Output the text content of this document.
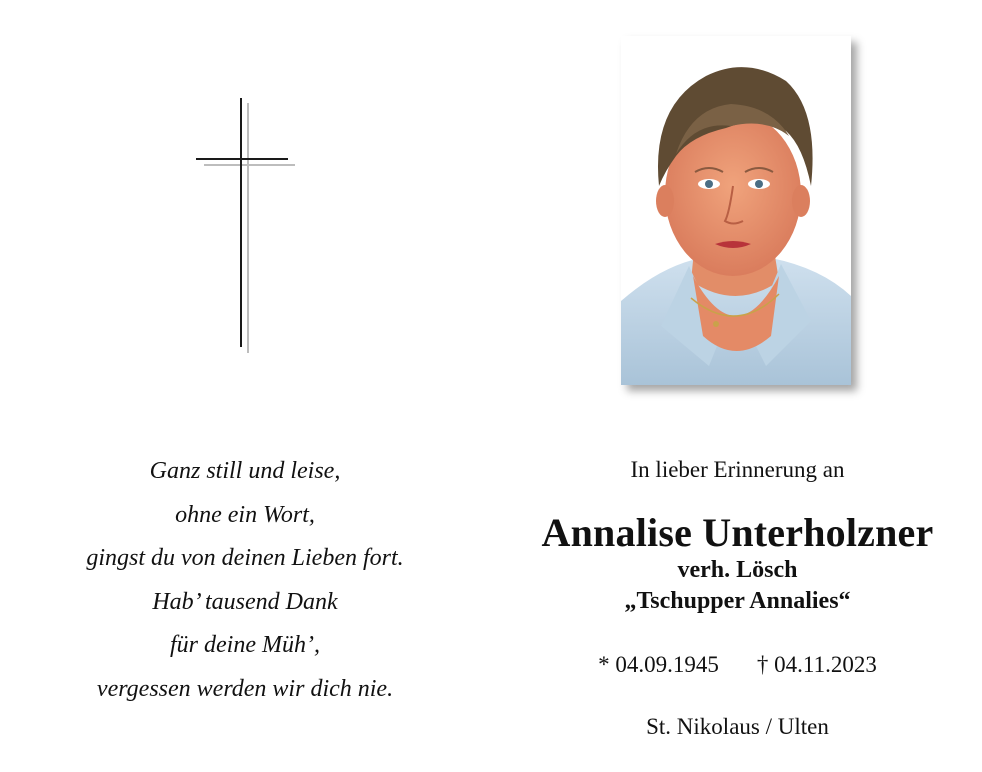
Ganz still und leise,
ohne ein Wort,
gingst du von deinen Lieben fort.
Hab’ tausend Dank
für deine Müh’,
vergessen werden wir dich nie.
In lieber Erinnerung an
Annalise Unterholzner
verh. Lösch
„Tschupper Annalies“
* 04.09.1945 † 04.11.2023
St. Nikolaus / Ulten
